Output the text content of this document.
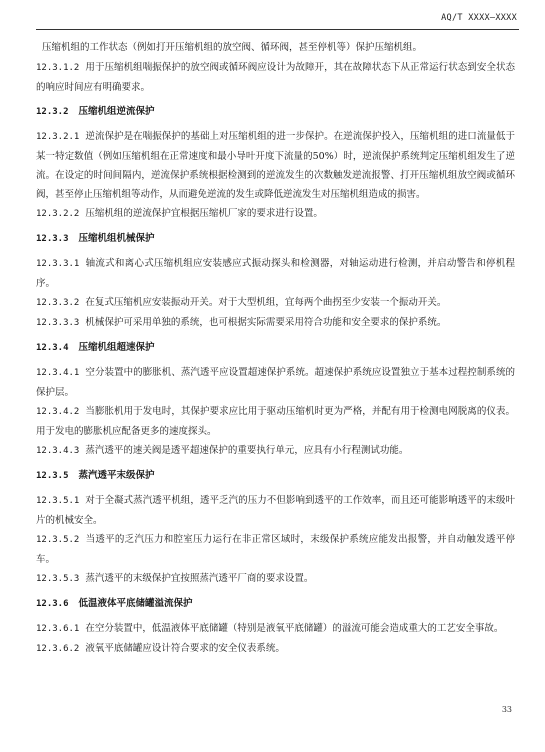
AQ/T XXXX—XXXX

压缩机组的工作状态（例如打开压缩机组的放空阀、循环阀，甚至停机等）保护压缩机组。

12.3.1.2 用于压缩机组喘振保护的放空阀或循环阀应设计为故障开，其在故障状态下从正常运行状态到安全状态的响应时间应有明确要求。

12.3.2 压缩机组逆流保护

12.3.2.1 逆流保护是在喘振保护的基础上对压缩机组的进一步保护。在逆流保护投入，压缩机组的进口流量低于某一特定数值（例如压缩机组在正常速度和最小导叶开度下流量的50%）时，逆流保护系统判定压缩机组发生了逆流。在设定的时间间隔内，逆流保护系统根据检测到的逆流发生的次数触发逆流报警、打开压缩机组放空阀或循环阀，甚至停止压缩机组等动作，从而避免逆流的发生或降低逆流发生对压缩机组造成的损害。

12.3.2.2 压缩机组的逆流保护宜根据压缩机厂家的要求进行设置。

12.3.3 压缩机组机械保护

12.3.3.1 轴流式和离心式压缩机组应安装感应式振动探头和检测器，对轴运动进行检测，并启动警告和停机程序。

12.3.3.2 在复式压缩机应安装振动开关。对于大型机组，宜每两个曲拐至少安装一个振动开关。

12.3.3.3 机械保护可采用单独的系统，也可根据实际需要采用符合功能和安全要求的保护系统。

12.3.4 压缩机组超速保护

12.3.4.1 空分装置中的膨胀机、蒸汽透平应设置超速保护系统。超速保护系统应设置独立于基本过程控制系统的保护层。

12.3.4.2 当膨胀机用于发电时，其保护要求应比用于驱动压缩机时更为严格，并配有用于检测电网脱离的仪表。用于发电的膨胀机应配备更多的速度探头。

12.3.4.3 蒸汽透平的速关阀是透平超速保护的重要执行单元，应具有小行程测试功能。

12.3.5 蒸汽透平末级保护

12.3.5.1 对于全凝式蒸汽透平机组，透平乏汽的压力不但影响到透平的工作效率，而且还可能影响透平的末级叶片的机械安全。

12.3.5.2 当透平的乏汽压力和腔室压力运行在非正常区域时，末级保护系统应能发出报警，并自动触发透平停车。

12.3.5.3 蒸汽透平的末级保护宜按照蒸汽透平厂商的要求设置。

12.3.6 低温液体平底储罐溢流保护

12.3.6.1 在空分装置中，低温液体平底储罐（特别是液氧平底储罐）的溢流可能会造成重大的工艺安全事故。

12.3.6.2 液氧平底储罐应设计符合要求的安全仪表系统。

33
